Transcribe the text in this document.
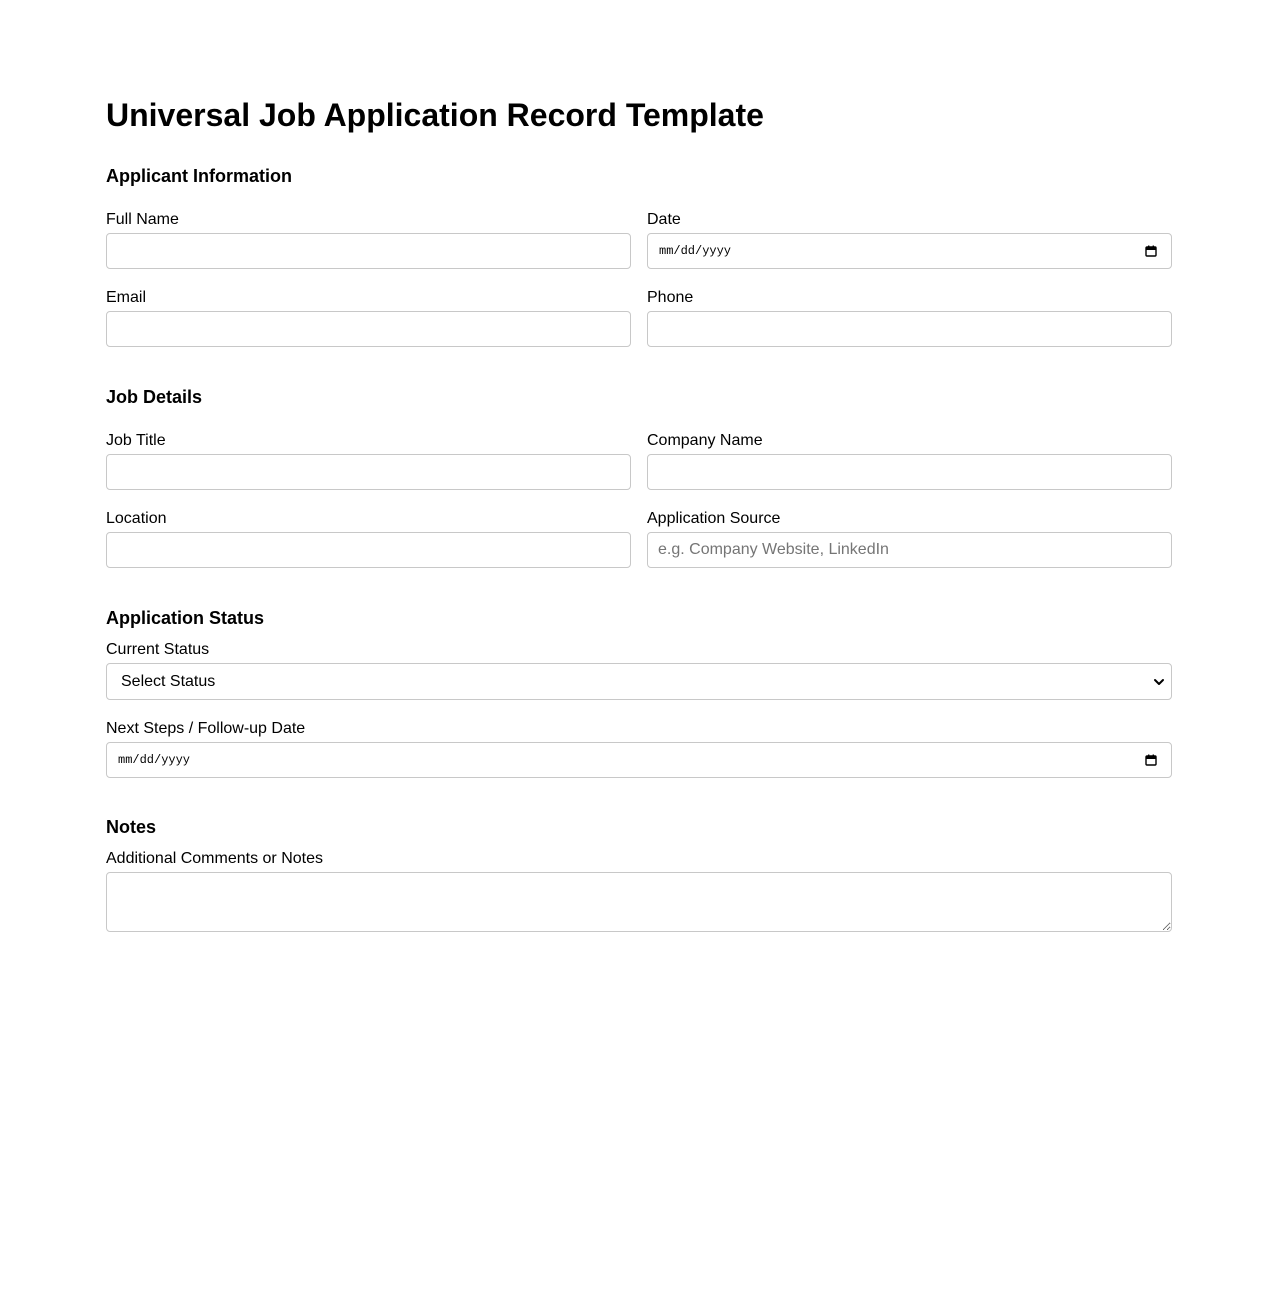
Universal Job Application Record Template
Applicant Information
Full Name	Date
mm/dd/yyyy
Email	Phone
Job Details
Job Title	Company Name
Location	Application Source
e.g. Company Website, LinkedIn
Application Status
Current Status
Select Status
Next Steps / Follow-up Date
mm/dd/yyyy
Notes
Additional Comments or Notes
